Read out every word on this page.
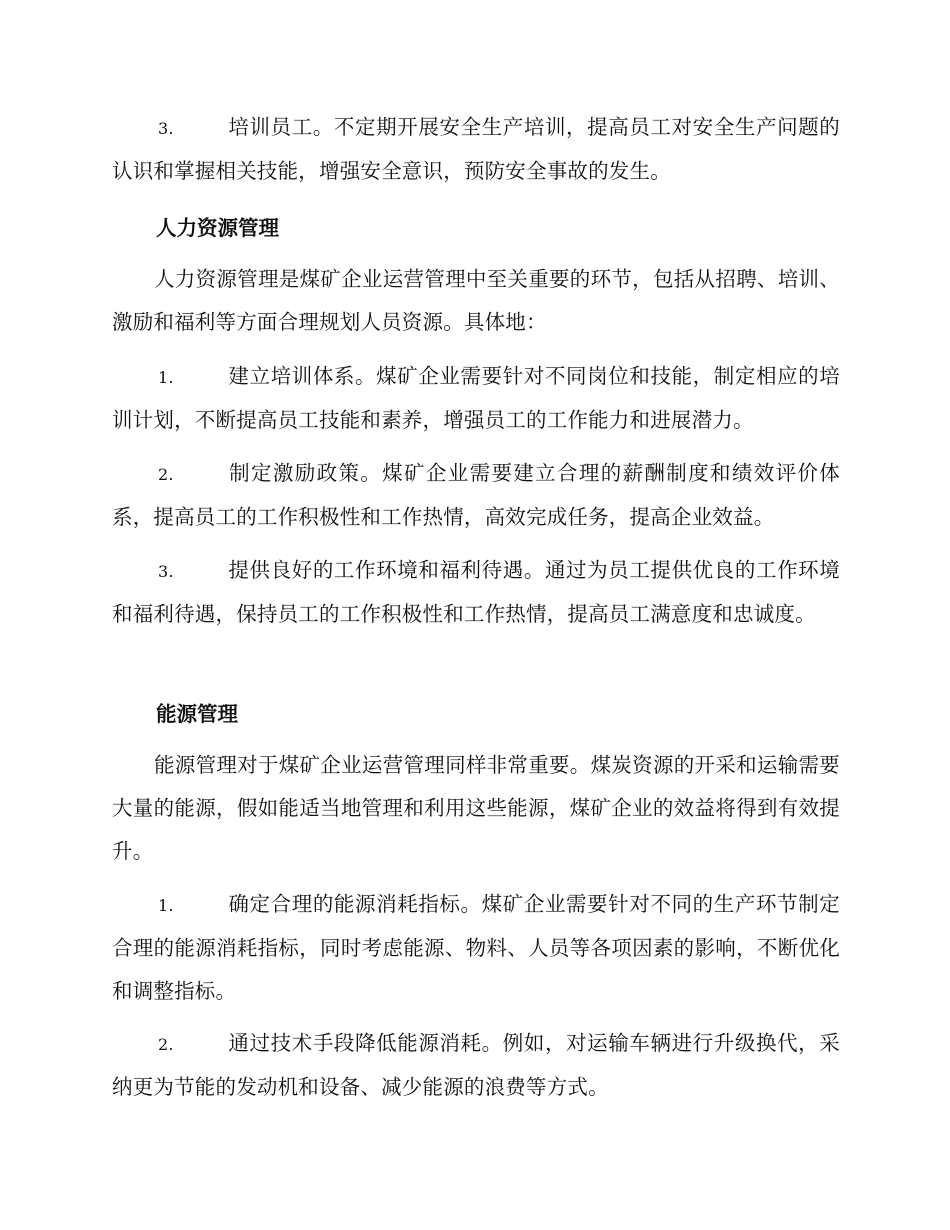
3.	培训员工。不定期开展安全生产培训，提高员工对安全生产问题的认识和掌握相关技能，增强安全意识，预防安全事故的发生。

人力资源管理

人力资源管理是煤矿企业运营管理中至关重要的环节，包括从招聘、培训、激励和福利等方面合理规划人员资源。具体地：

1.	建立培训体系。煤矿企业需要针对不同岗位和技能，制定相应的培训计划，不断提高员工技能和素养，增强员工的工作能力和进展潜力。

2.	制定激励政策。煤矿企业需要建立合理的薪酬制度和绩效评价体系，提高员工的工作积极性和工作热情，高效完成任务，提高企业效益。

3.	提供良好的工作环境和福利待遇。通过为员工提供优良的工作环境和福利待遇，保持员工的工作积极性和工作热情，提高员工满意度和忠诚度。

能源管理

能源管理对于煤矿企业运营管理同样非常重要。煤炭资源的开采和运输需要大量的能源，假如能适当地管理和利用这些能源，煤矿企业的效益将得到有效提升。

1.	确定合理的能源消耗指标。煤矿企业需要针对不同的生产环节制定合理的能源消耗指标，同时考虑能源、物料、人员等各项因素的影响，不断优化和调整指标。

2.	通过技术手段降低能源消耗。例如，对运输车辆进行升级换代，采纳更为节能的发动机和设备、减少能源的浪费等方式。
